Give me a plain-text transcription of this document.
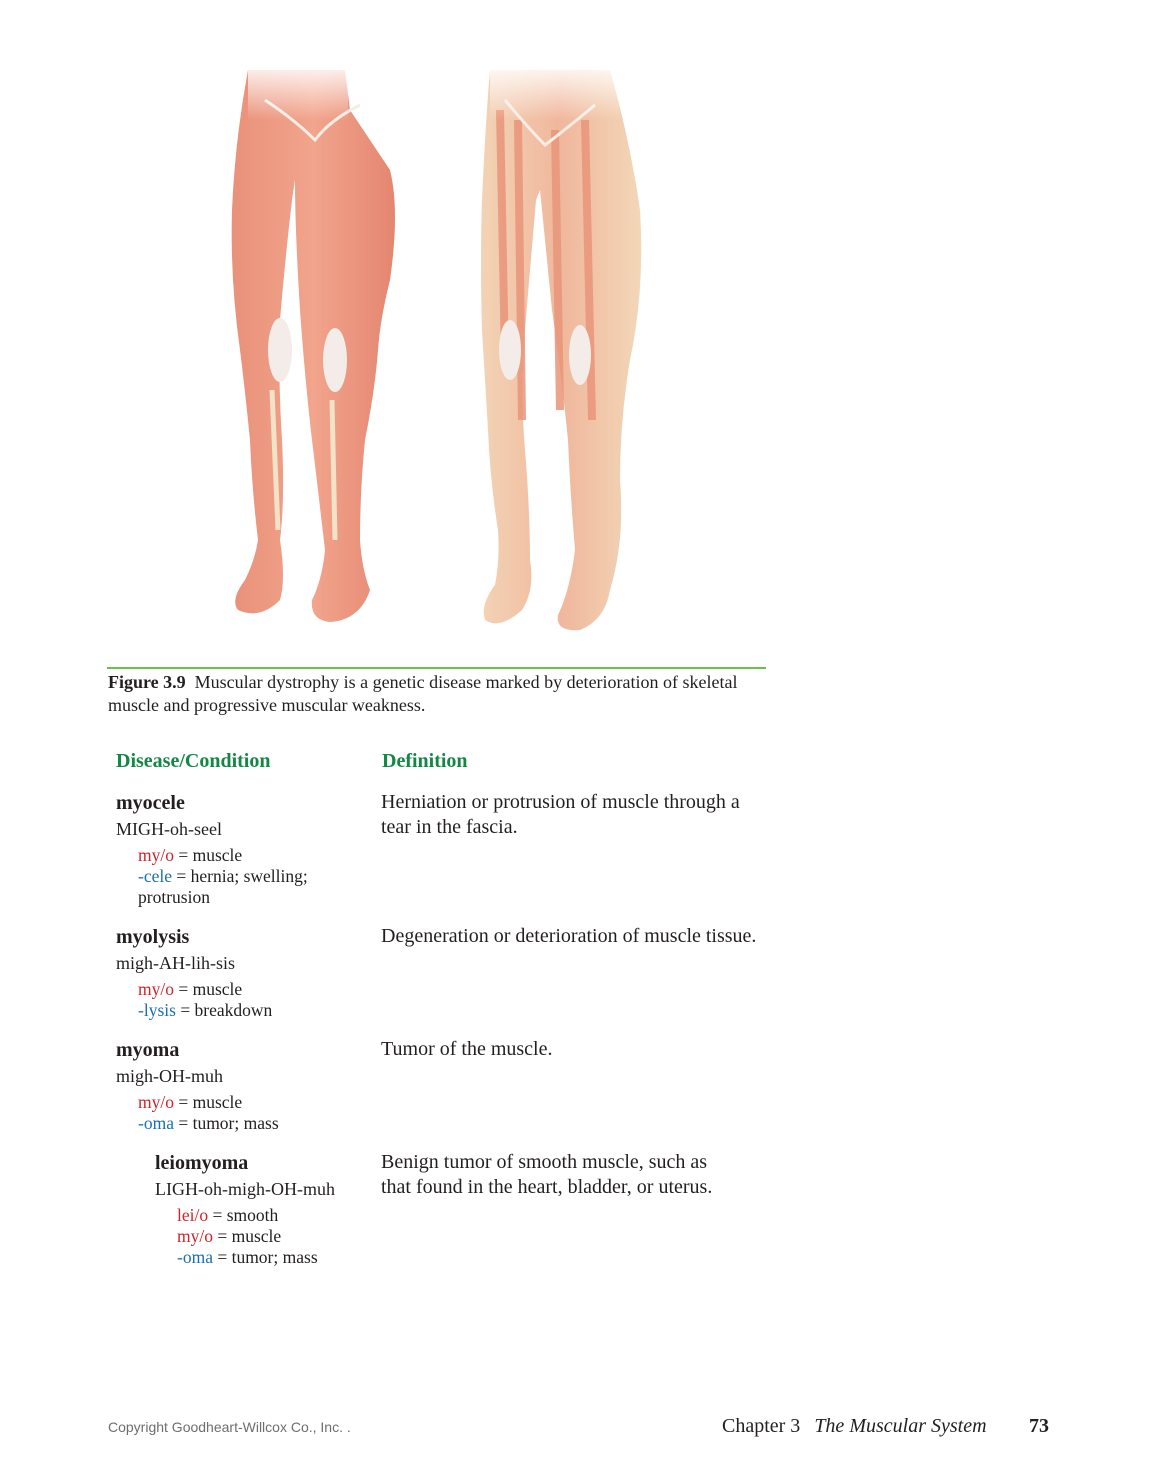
Figure 3.9 Muscular dystrophy is a genetic disease marked by deterioration of skeletal muscle and progressive muscular weakness.
Disease/Condition	Definition
myocele
MIGH-oh-seel
my/o = muscle
-cele = hernia; swelling; protrusion
Herniation or protrusion of muscle through a tear in the fascia.
myolysis
migh-AH-lih-sis
my/o = muscle
-lysis = breakdown
Degeneration or deterioration of muscle tissue.
myoma
migh-OH-muh
my/o = muscle
-oma = tumor; mass
Tumor of the muscle.
leiomyoma
LIGH-oh-migh-OH-muh
lei/o = smooth
my/o = muscle
-oma = tumor; mass
Benign tumor of smooth muscle, such as that found in the heart, bladder, or uterus.
Copyright Goodheart-Willcox Co., Inc. .	Chapter 3 The Muscular System 73
